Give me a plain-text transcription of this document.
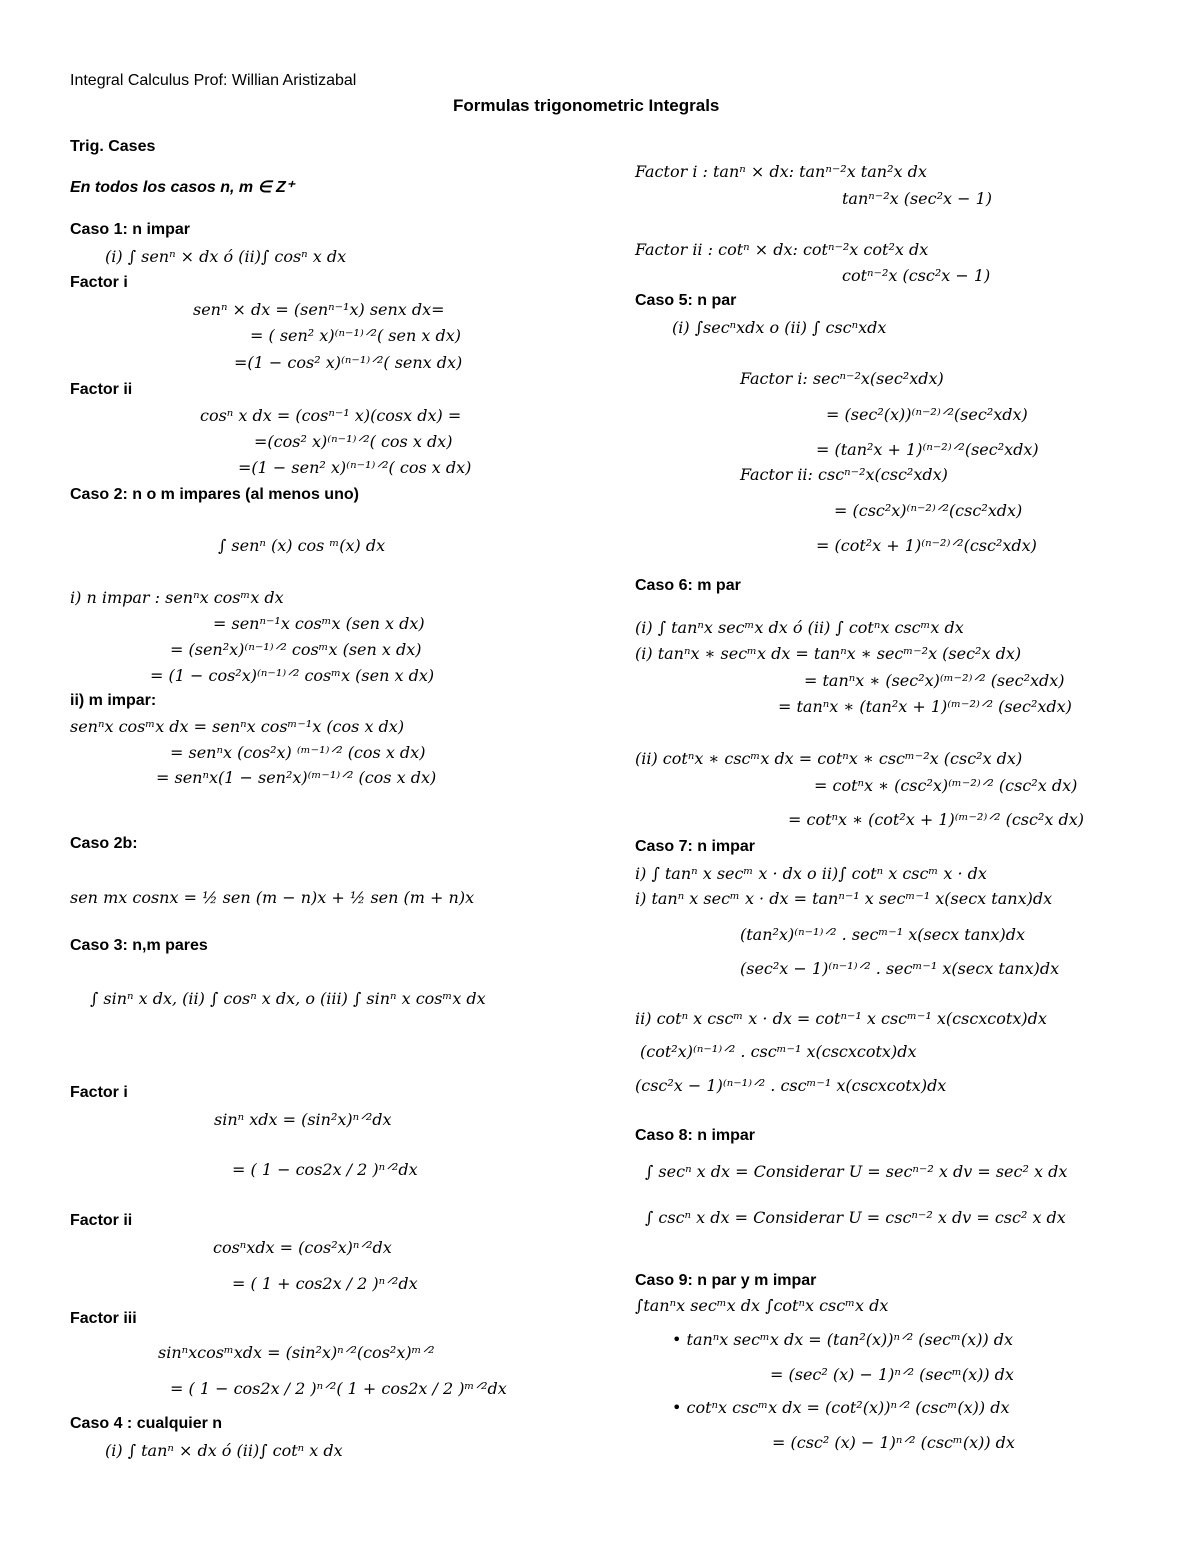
Integral Calculus Prof: Willian Aristizabal
Formulas trigonometric Integrals
Trig. Cases
En todos los casos n, m ∈ Z⁺
Caso 1: n impar
(i) ∫ senⁿ × dx ó (ii)∫ cosⁿ x dx
Factor i
senⁿ × dx = (senⁿ⁻¹x) senx dx=
= ( sen² x)⁽ⁿ⁻¹⁾ᐟ²( sen x dx)
=(1 − cos² x)⁽ⁿ⁻¹⁾ᐟ²( senx dx)
Factor ii
cosⁿ x dx = (cosⁿ⁻¹ x)(cosx dx) =
=(cos² x)⁽ⁿ⁻¹⁾ᐟ²( cos x dx)
=(1 − sen² x)⁽ⁿ⁻¹⁾ᐟ²( cos x dx)
Caso 2: n o m impares (al menos uno)
∫ senⁿ (x) cos ᵐ(x) dx
i) n impar : senⁿx cosᵐx dx
= senⁿ⁻¹x cosᵐx (sen x dx)
= (sen²x)⁽ⁿ⁻¹⁾ᐟ² cosᵐx (sen x dx)
= (1 − cos²x)⁽ⁿ⁻¹⁾ᐟ² cosᵐx (sen x dx)
ii) m impar:
senⁿx cosᵐx dx = senⁿx cosᵐ⁻¹x (cos x dx)
= senⁿx (cos²x) ⁽ᵐ⁻¹⁾ᐟ² (cos x dx)
= senⁿx(1 − sen²x)⁽ᵐ⁻¹⁾ᐟ² (cos x dx)
Caso 2b:
sen mx cosnx = ½ sen (m − n)x + ½ sen (m + n)x
Caso 3: n,m pares
∫ sinⁿ x dx, (ii) ∫ cosⁿ x dx, o (iii) ∫ sinⁿ x cosᵐx dx
Factor i
sinⁿ xdx = (sin²x)ⁿᐟ²dx
= ( 1 − cos2x / 2 )ⁿᐟ²dx
Factor ii
cosⁿxdx = (cos²x)ⁿᐟ²dx
= ( 1 + cos2x / 2 )ⁿᐟ²dx
Factor iii
sinⁿxcosᵐxdx = (sin²x)ⁿᐟ²(cos²x)ᵐᐟ²
= ( 1 − cos2x / 2 )ⁿᐟ²( 1 + cos2x / 2 )ᵐᐟ²dx
Caso 4 : cualquier n
(i) ∫ tanⁿ × dx ó (ii)∫ cotⁿ x dx
Factor i : tanⁿ × dx: tanⁿ⁻²x tan²x dx
tanⁿ⁻²x (sec²x − 1)
Factor ii : cotⁿ × dx: cotⁿ⁻²x cot²x dx
cotⁿ⁻²x (csc²x − 1)
Caso 5: n par
(i) ∫secⁿxdx o (ii) ∫ cscⁿxdx
Factor i: secⁿ⁻²x(sec²xdx)
= (sec²(x))⁽ⁿ⁻²⁾ᐟ²(sec²xdx)
= (tan²x + 1)⁽ⁿ⁻²⁾ᐟ²(sec²xdx)
Factor ii: cscⁿ⁻²x(csc²xdx)
= (csc²x)⁽ⁿ⁻²⁾ᐟ²(csc²xdx)
= (cot²x + 1)⁽ⁿ⁻²⁾ᐟ²(csc²xdx)
Caso 6: m par
(i) ∫ tanⁿx secᵐx dx ó (ii) ∫ cotⁿx cscᵐx dx
(i) tanⁿx ∗ secᵐx dx = tanⁿx ∗ secᵐ⁻²x (sec²x dx)
= tanⁿx ∗ (sec²x)⁽ᵐ⁻²⁾ᐟ² (sec²xdx)
= tanⁿx ∗ (tan²x + 1)⁽ᵐ⁻²⁾ᐟ² (sec²xdx)
(ii) cotⁿx ∗ cscᵐx dx = cotⁿx ∗ cscᵐ⁻²x (csc²x dx)
= cotⁿx ∗ (csc²x)⁽ᵐ⁻²⁾ᐟ² (csc²x dx)
= cotⁿx ∗ (cot²x + 1)⁽ᵐ⁻²⁾ᐟ² (csc²x dx)
Caso 7: n impar
i) ∫ tanⁿ x secᵐ x · dx o ii)∫ cotⁿ x cscᵐ x · dx
i) tanⁿ x secᵐ x · dx = tanⁿ⁻¹ x secᵐ⁻¹ x(secx tanx)dx
(tan²x)⁽ⁿ⁻¹⁾ᐟ² . secᵐ⁻¹ x(secx tanx)dx
(sec²x − 1)⁽ⁿ⁻¹⁾ᐟ² . secᵐ⁻¹ x(secx tanx)dx
ii) cotⁿ x cscᵐ x · dx = cotⁿ⁻¹ x cscᵐ⁻¹ x(cscxcotx)dx
(cot²x)⁽ⁿ⁻¹⁾ᐟ² . cscᵐ⁻¹ x(cscxcotx)dx
(csc²x − 1)⁽ⁿ⁻¹⁾ᐟ² . cscᵐ⁻¹ x(cscxcotx)dx
Caso 8: n impar
∫ secⁿ x dx = Considerar U = secⁿ⁻² x dv = sec² x dx
∫ cscⁿ x dx = Considerar U = cscⁿ⁻² x dv = csc² x dx
Caso 9: n par y m impar
∫tanⁿx secᵐx dx ∫cotⁿx cscᵐx dx
• tanⁿx secᵐx dx = (tan²(x))ⁿᐟ² (secᵐ(x)) dx
= (sec² (x) − 1)ⁿᐟ² (secᵐ(x)) dx
• cotⁿx cscᵐx dx = (cot²(x))ⁿᐟ² (cscᵐ(x)) dx
= (csc² (x) − 1)ⁿᐟ² (cscᵐ(x)) dx
